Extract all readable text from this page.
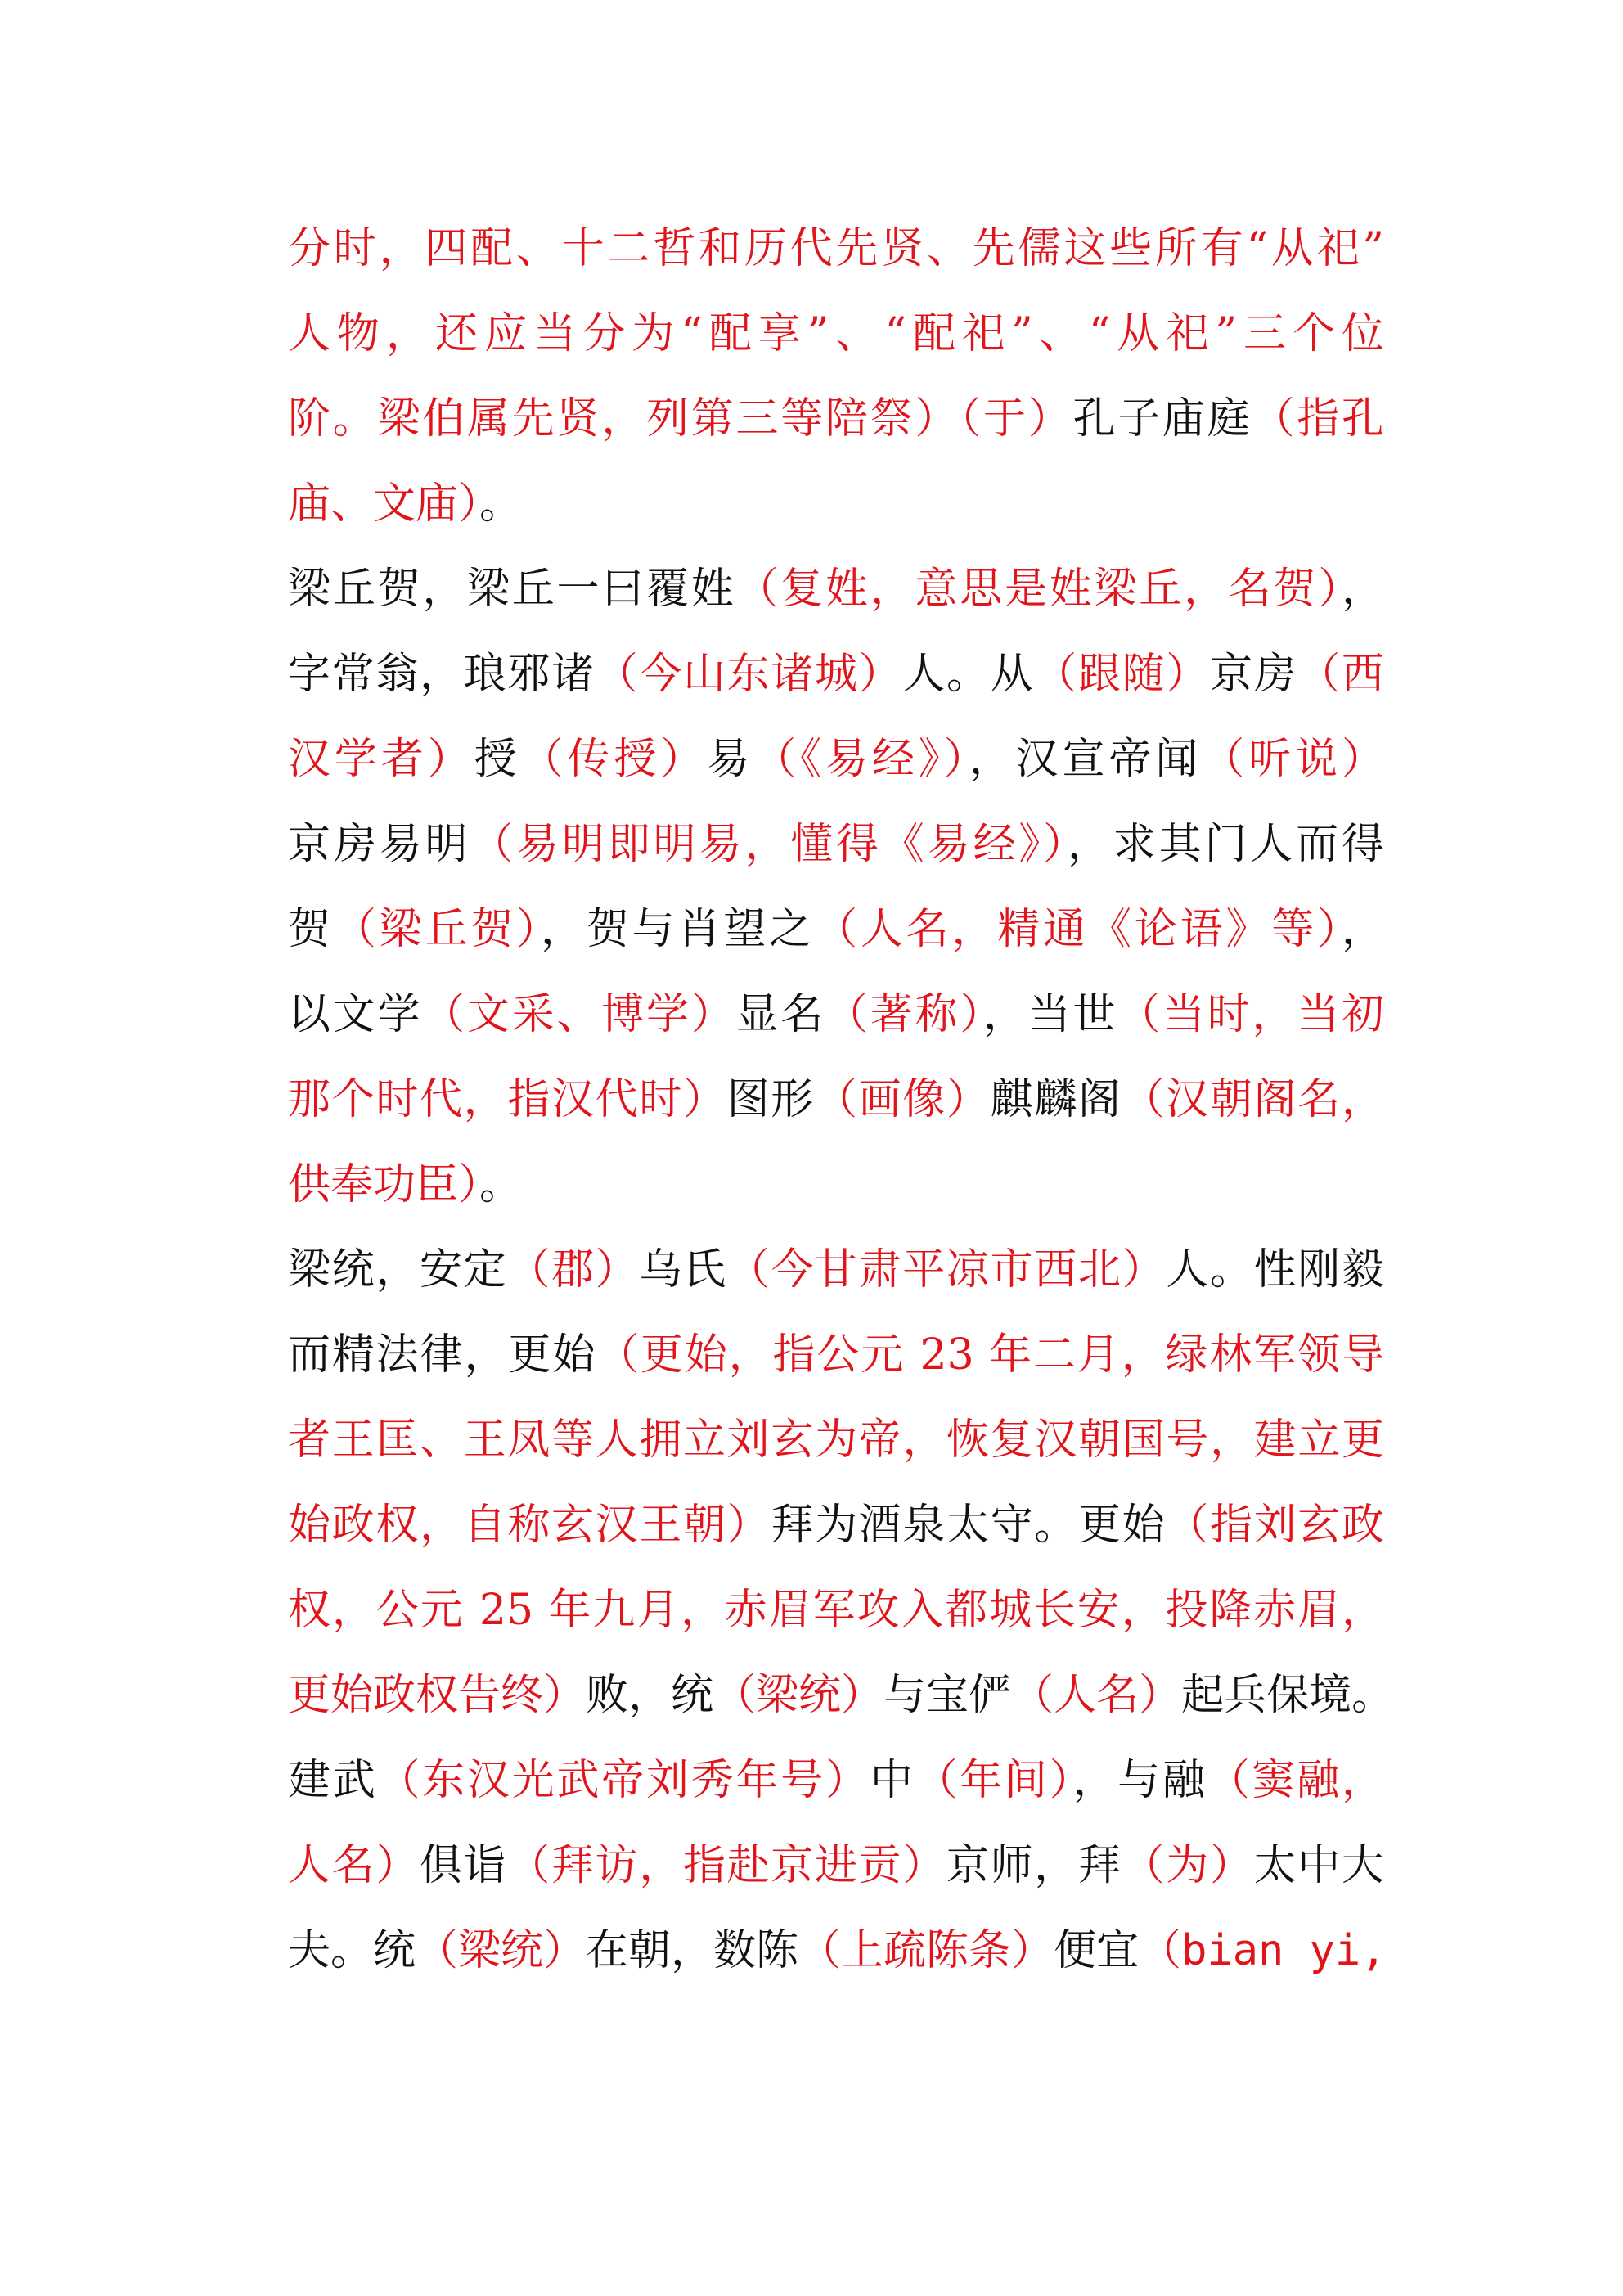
分时，四配、十二哲和历代先贤、先儒这些所有“从祀”
人物，还应当分为“配享”、“配祀”、“从祀”三个位
阶。梁伯属先贤，列第三等陪祭）（于）孔子庙庭（指孔
庙、文庙）。
梁丘贺，梁丘一曰覆姓（复姓，意思是姓梁丘，名贺），
字常翁，琅邪诸（今山东诸城）人。从（跟随）京房（西
汉学者）授（传授）易（《易经》），汉宣帝闻（听说）
京房易明（易明即明易，懂得《易经》），求其门人而得
贺（梁丘贺），贺与肖望之（人名，精通《论语》等），
以文学（文采、博学）显名（著称），当世（当时，当初
那个时代，指汉代时）图形（画像）麒麟阁（汉朝阁名，
供奉功臣）。
梁统，安定（郡）乌氏（今甘肃平凉市西北）人。性刚毅
而精法律，更始（更始，指公元 23 年二月，绿林军领导
者王匡、王凤等人拥立刘玄为帝，恢复汉朝国号，建立更
始政权，自称玄汉王朝）拜为酒泉太守。更始（指刘玄政
权，公元 25 年九月，赤眉军攻入都城长安，投降赤眉，
更始政权告终）败，统（梁统）与宝俨（人名）起兵保境。
建武（东汉光武帝刘秀年号）中（年间），与融（窦融，
人名）俱诣（拜访，指赴京进贡）京师，拜（为）太中大
夫。统（梁统）在朝，数陈（上疏陈条）便宜（bian yi,
